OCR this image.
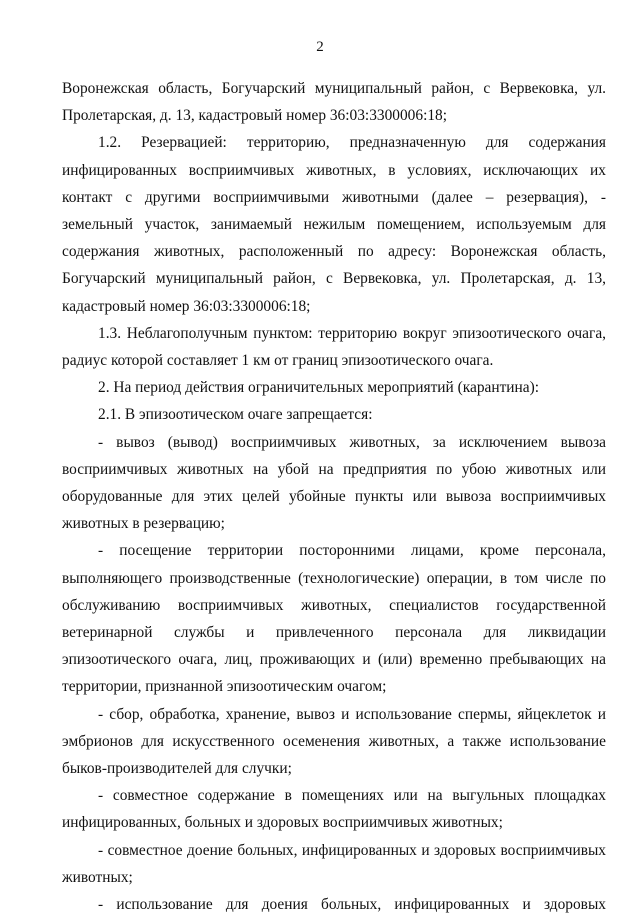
2

Воронежская область, Богучарский муниципальный район, с Вервековка, ул. Пролетарская, д. 13, кадастровый номер 36:03:3300006:18;

1.2. Резервацией: территорию, предназначенную для содержания инфицированных восприимчивых животных, в условиях, исключающих их контакт с другими восприимчивыми животными (далее – резервация), - земельный участок, занимаемый нежилым помещением, используемым для содержания животных, расположенный по адресу: Воронежская область, Богучарский муниципальный район, с Вервековка, ул. Пролетарская, д. 13, кадастровый номер 36:03:3300006:18;

1.3. Неблагополучным пунктом: территорию вокруг эпизоотического очага, радиус которой составляет 1 км от границ эпизоотического очага.

2. На период действия ограничительных мероприятий (карантина):

2.1. В эпизоотическом очаге запрещается:

- вывоз (вывод) восприимчивых животных, за исключением вывоза восприимчивых животных на убой на предприятия по убою животных или оборудованные для этих целей убойные пункты или вывоза восприимчивых животных в резервацию;

- посещение территории посторонними лицами, кроме персонала, выполняющего производственные (технологические) операции, в том числе по обслуживанию восприимчивых животных, специалистов государственной ветеринарной службы и привлеченного персонала для ликвидации эпизоотического очага, лиц, проживающих и (или) временно пребывающих на территории, признанной эпизоотическим очагом;

- сбор, обработка, хранение, вывоз и использование спермы, яйцеклеток и эмбрионов для искусственного осеменения животных, а также использование быков-производителей для случки;

- совместное содержание в помещениях или на выгульных площадках инфицированных, больных и здоровых восприимчивых животных;

- совместное доение больных, инфицированных и здоровых восприимчивых животных;

- использование для доения больных, инфицированных и здоровых
